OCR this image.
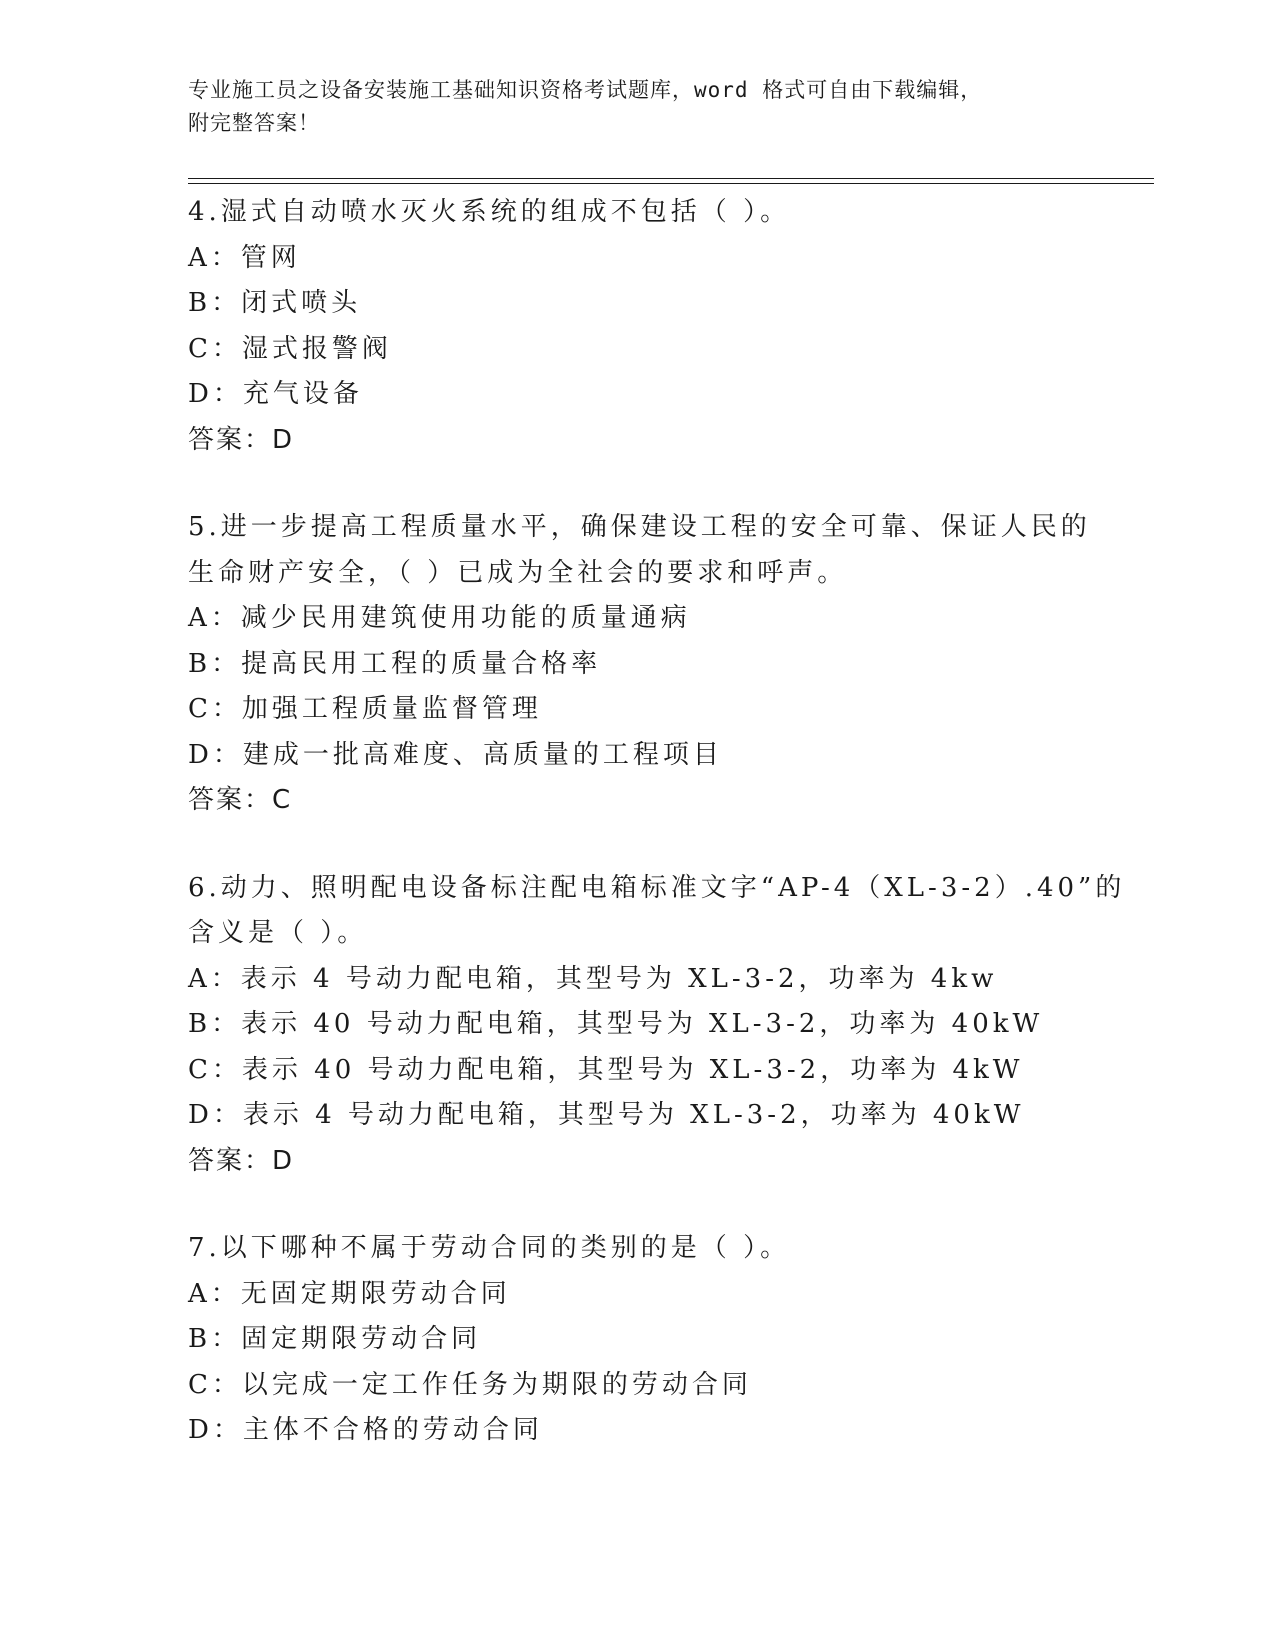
专业施工员之设备安装施工基础知识资格考试题库，word 格式可自由下载编辑，
附完整答案！
4.湿式自动喷水灭火系统的组成不包括（ ）。
A：管网
B：闭式喷头
C：湿式报警阀
D：充气设备
答案：D
5.进一步提高工程质量水平，确保建设工程的安全可靠、保证人民的
生命财产安全，（ ）已成为全社会的要求和呼声。
A：减少民用建筑使用功能的质量通病
B：提高民用工程的质量合格率
C：加强工程质量监督管理
D：建成一批高难度、高质量的工程项目
答案：C
6.动力、照明配电设备标注配电箱标准文字“AP-4（XL-3-2）.40”的
含义是（ ）。
A：表示 4 号动力配电箱，其型号为 XL-3-2，功率为 4kw
B：表示 40 号动力配电箱，其型号为 XL-3-2，功率为 40kW
C：表示 40 号动力配电箱，其型号为 XL-3-2，功率为 4kW
D：表示 4 号动力配电箱，其型号为 XL-3-2，功率为 40kW
答案：D
7.以下哪种不属于劳动合同的类别的是（ ）。
A：无固定期限劳动合同
B：固定期限劳动合同
C：以完成一定工作任务为期限的劳动合同
D：主体不合格的劳动合同
